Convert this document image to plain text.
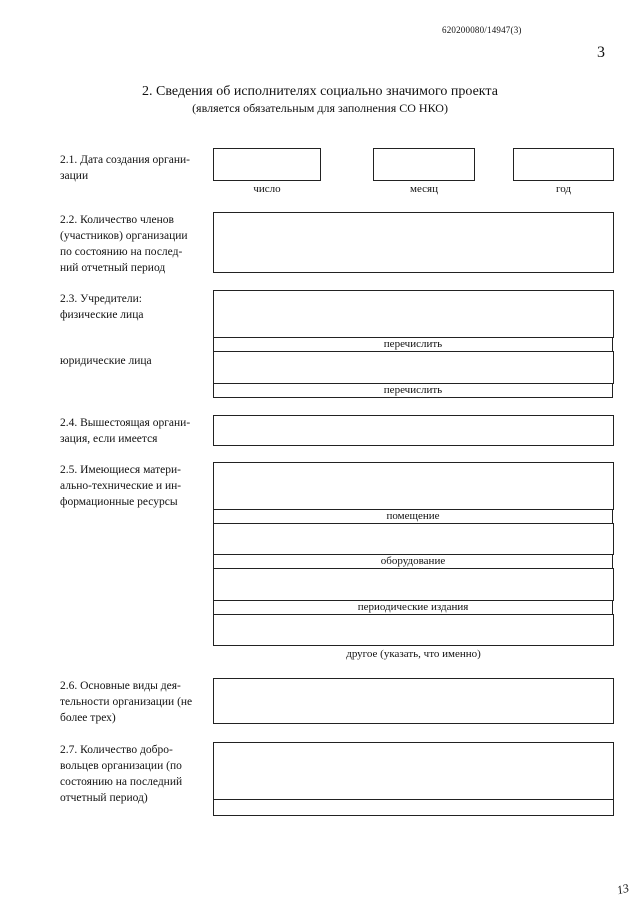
620200080/14947(3)
3
2. Сведения об исполнителях социально значимого проекта
(является обязательным для заполнения СО НКО)
2.1. Дата создания органи-
зации
число	месяц	год
2.2. Количество членов
(участников) организации
по состоянию на послед-
ний отчетный период
2.3. Учредители:
физические лица
юридические лица
перечислить
перечислить
2.4. Вышестоящая органи-
зация, если имеется
2.5. Имеющиеся матери-
ально-технические и ин-
формационные ресурсы
помещение
оборудование
периодические издания
другое (указать, что именно)
2.6. Основные виды дея-
тельности организации (не
более трех)
2.7. Количество добро-
вольцев организации (по
состоянию на последний
отчетный период)
13
